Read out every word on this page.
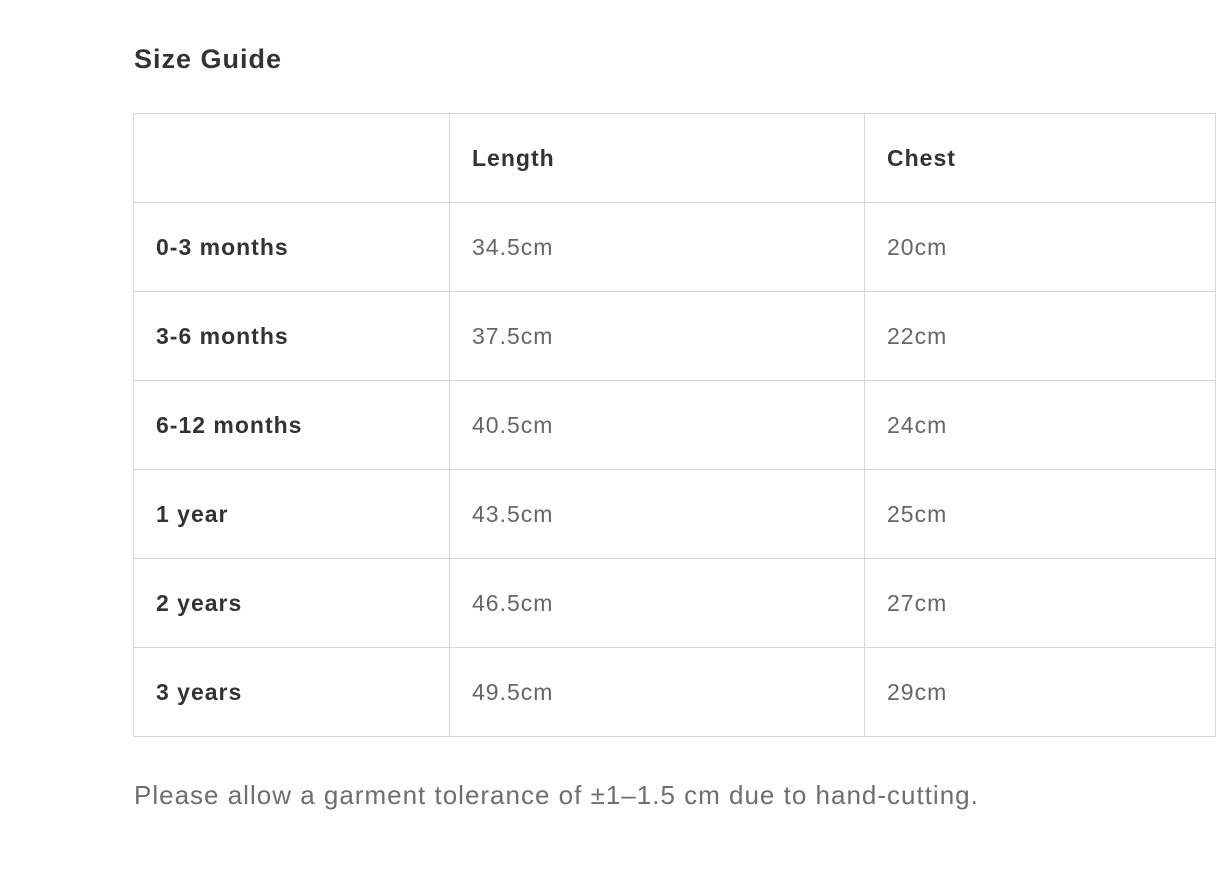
Size Guide
	Length	Chest
0-3 months	34.5cm	20cm
3-6 months	37.5cm	22cm
6-12 months	40.5cm	24cm
1 year	43.5cm	25cm
2 years	46.5cm	27cm
3 years	49.5cm	29cm
Please allow a garment tolerance of ±1–1.5 cm due to hand-cutting.
